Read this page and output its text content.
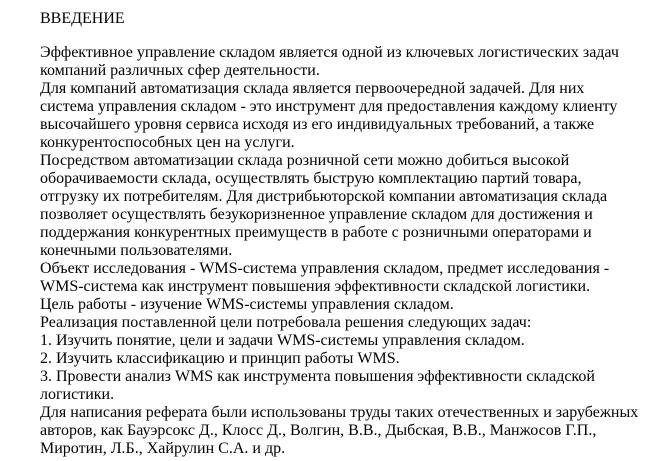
ВВЕДЕНИЕ
Эффективное управление складом является одной из ключевых логистических задач
компаний различных сфер деятельности.
Для компаний автоматизация склада является первоочередной задачей. Для них
система управления складом - это инструмент для предоставления каждому клиенту
высочайшего уровня сервиса исходя из его индивидуальных требований, а также
конкурентоспособных цен на услуги.
Посредством автоматизации склада розничной сети можно добиться высокой
оборачиваемости склада, осуществлять быструю комплектацию партий товара,
отгрузку их потребителям. Для дистрибьюторской компании автоматизация склада
позволяет осуществлять безукоризненное управление складом для достижения и
поддержания конкурентных преимуществ в работе с розничными операторами и
конечными пользователями.
Объект исследования - WMS-система управления складом, предмет исследования -
WMS-система как инструмент повышения эффективности складской логистики.
Цель работы - изучение WMS-системы управления складом.
Реализация поставленной цели потребовала решения следующих задач:
1. Изучить понятие, цели и задачи WMS-системы управления складом.
2. Изучить классификацию и принцип работы WMS.
3. Провести анализ WMS как инструмента повышения эффективности складской
логистики.
Для написания реферата были использованы труды таких отечественных и зарубежных
авторов, как Бауэрсокс Д., Клосс Д., Волгин, В.В., Дыбская, В.В., Манжосов Г.П.,
Миротин, Л.Б., Хайрулин С.А. и др.
